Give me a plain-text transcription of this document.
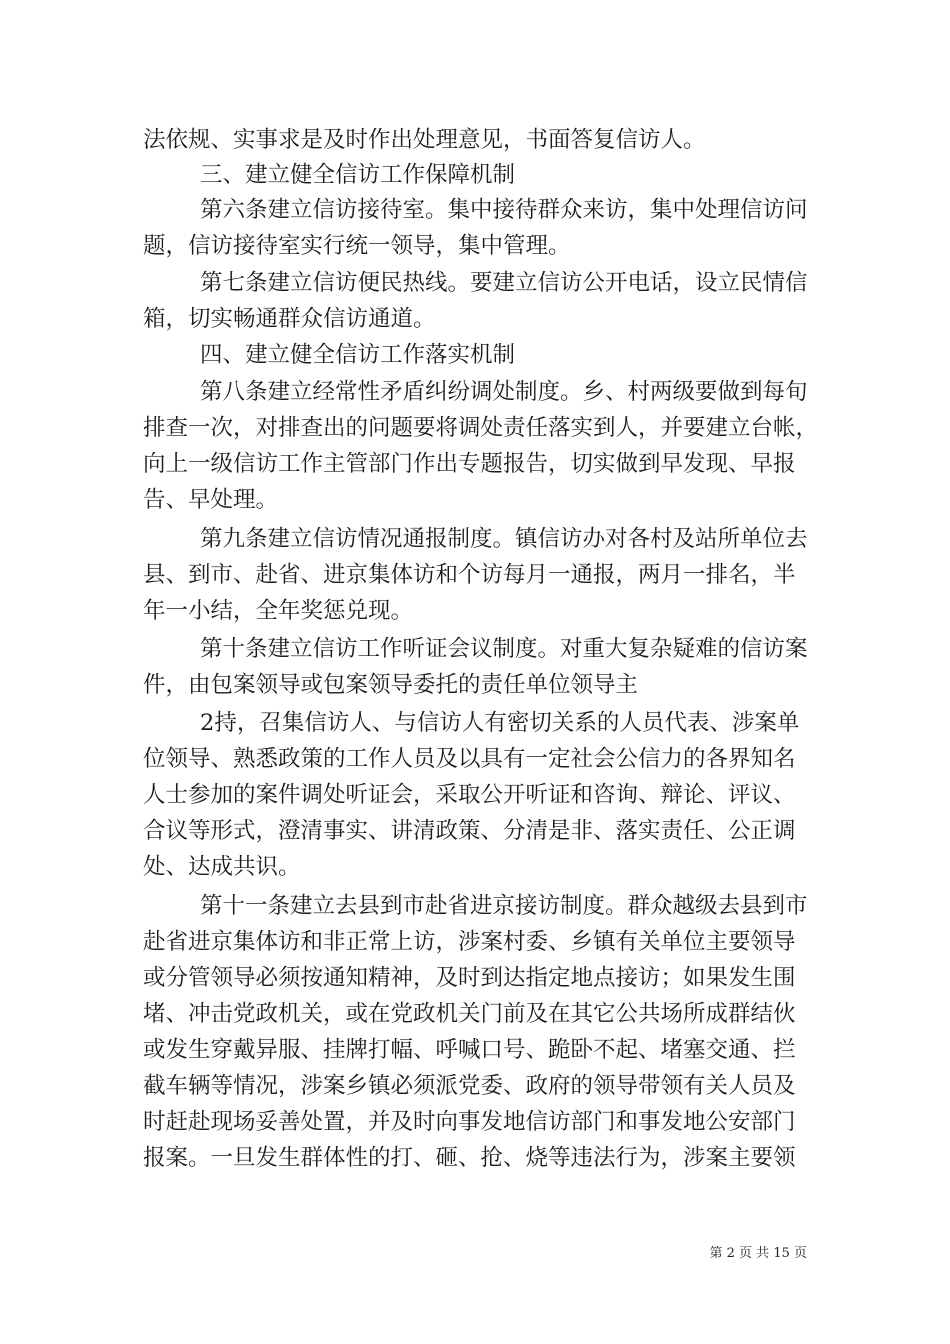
法依规、实事求是及时作出处理意见，书面答复信访人。
三、建立健全信访工作保障机制
第六条建立信访接待室。集中接待群众来访，集中处理信访问
题，信访接待室实行统一领导，集中管理。
第七条建立信访便民热线。要建立信访公开电话，设立民情信
箱，切实畅通群众信访通道。
四、建立健全信访工作落实机制
第八条建立经常性矛盾纠纷调处制度。乡、村两级要做到每旬
排查一次，对排查出的问题要将调处责任落实到人，并要建立台帐，
向上一级信访工作主管部门作出专题报告，切实做到早发现、早报
告、早处理。
第九条建立信访情况通报制度。镇信访办对各村及站所单位去
县、到市、赴省、进京集体访和个访每月一通报，两月一排名，半
年一小结，全年奖惩兑现。
第十条建立信访工作听证会议制度。对重大复杂疑难的信访案
件，由包案领导或包案领导委托的责任单位领导主
2持，召集信访人、与信访人有密切关系的人员代表、涉案单
位领导、熟悉政策的工作人员及以具有一定社会公信力的各界知名
人士参加的案件调处听证会，采取公开听证和咨询、辩论、评议、
合议等形式，澄清事实、讲清政策、分清是非、落实责任、公正调
处、达成共识。
第十一条建立去县到市赴省进京接访制度。群众越级去县到市
赴省进京集体访和非正常上访，涉案村委、乡镇有关单位主要领导
或分管领导必须按通知精神，及时到达指定地点接访；如果发生围
堵、冲击党政机关，或在党政机关门前及在其它公共场所成群结伙
或发生穿戴异服、挂牌打幅、呼喊口号、跪卧不起、堵塞交通、拦
截车辆等情况，涉案乡镇必须派党委、政府的领导带领有关人员及
时赶赴现场妥善处置，并及时向事发地信访部门和事发地公安部门
报案。一旦发生群体性的打、砸、抢、烧等违法行为，涉案主要领
第 2 页 共 15 页
